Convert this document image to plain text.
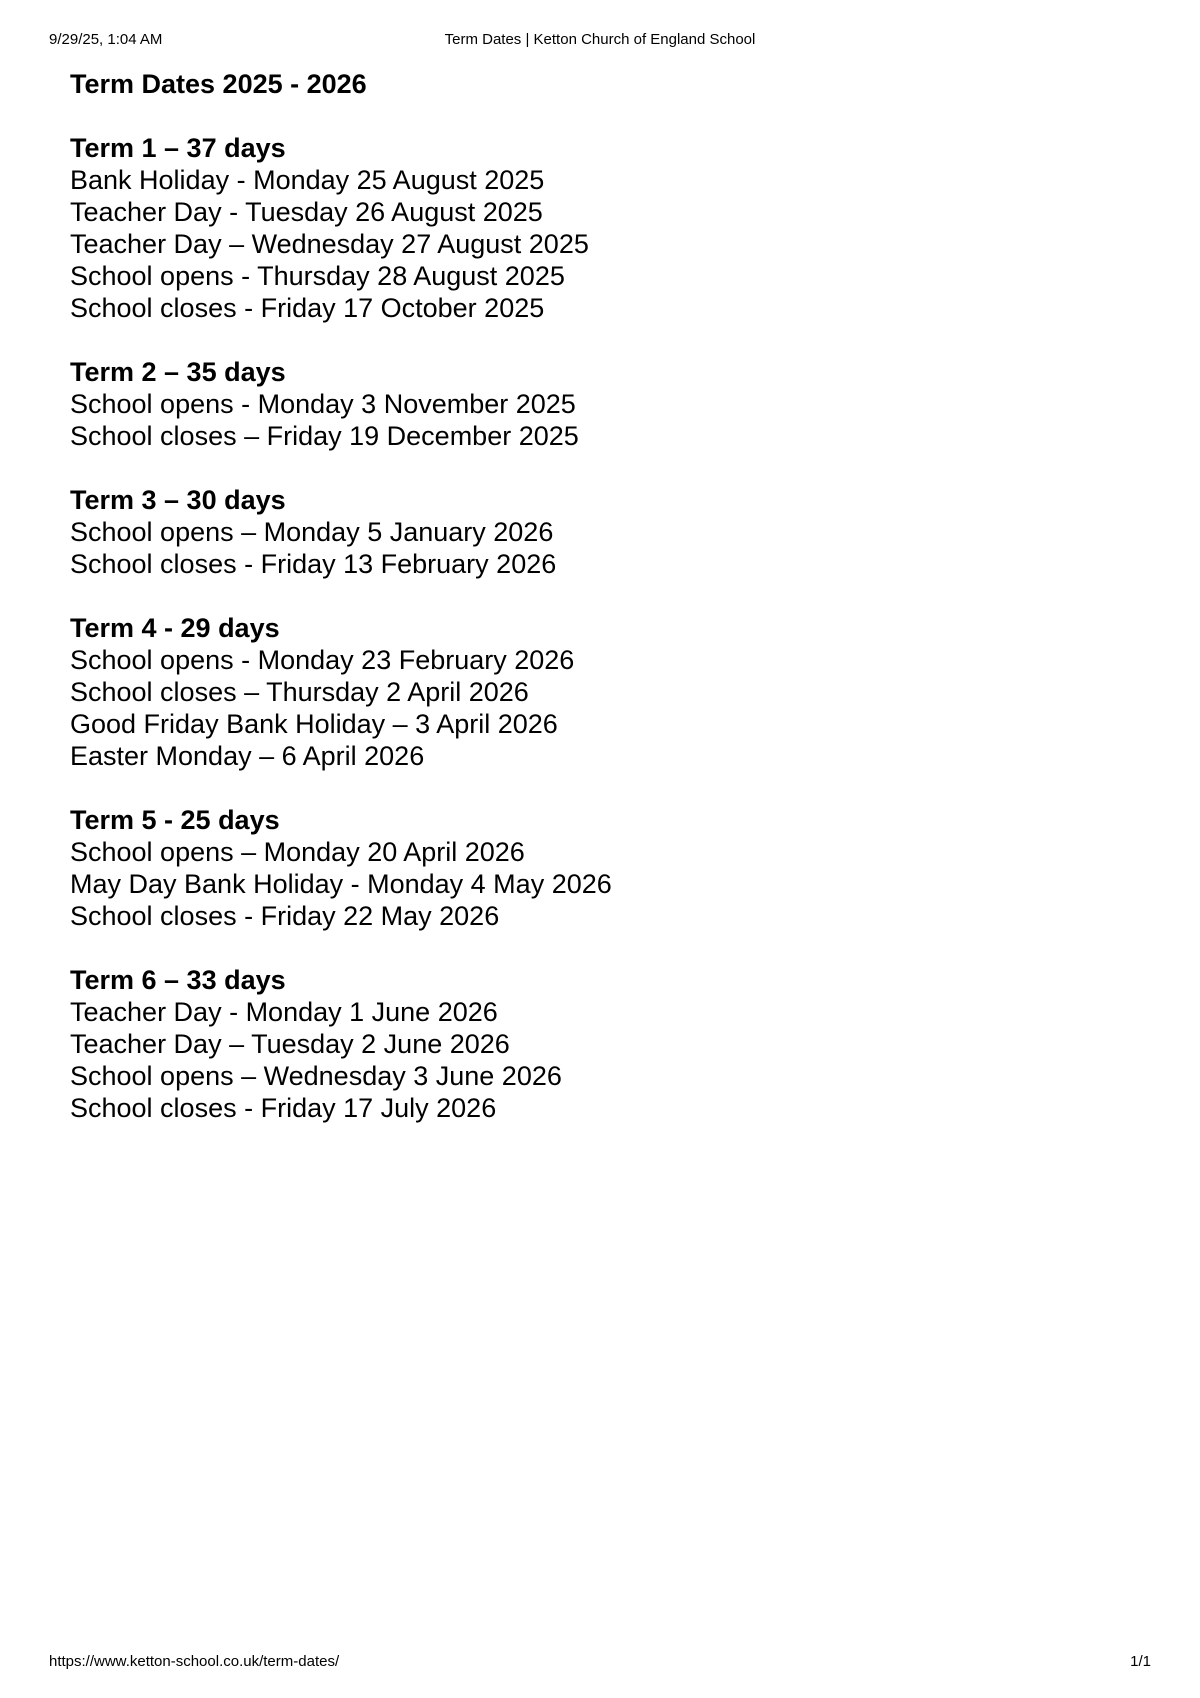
9/29/25, 1:04 AM	Term Dates | Ketton Church of England School
Term Dates 2025 - 2026
Term 1 – 37 days
Bank Holiday - Monday 25 August 2025
Teacher Day - Tuesday 26 August 2025
Teacher Day – Wednesday 27 August 2025
School opens - Thursday 28 August 2025
School closes - Friday 17 October 2025
Term 2 – 35 days
School opens - Monday 3 November 2025
School closes – Friday 19 December 2025
Term 3 – 30 days
School opens – Monday 5 January 2026
School closes - Friday 13 February 2026
Term 4 - 29 days
School opens - Monday 23 February 2026
School closes – Thursday 2 April 2026
Good Friday Bank Holiday – 3 April 2026
Easter Monday – 6 April 2026
Term 5 - 25 days
School opens – Monday 20 April 2026
May Day Bank Holiday - Monday 4 May 2026
School closes - Friday 22 May 2026
Term 6 – 33 days
Teacher Day - Monday 1 June 2026
Teacher Day – Tuesday 2 June 2026
School opens – Wednesday 3 June 2026
School closes - Friday 17 July 2026
https://www.ketton-school.co.uk/term-dates/	1/1
